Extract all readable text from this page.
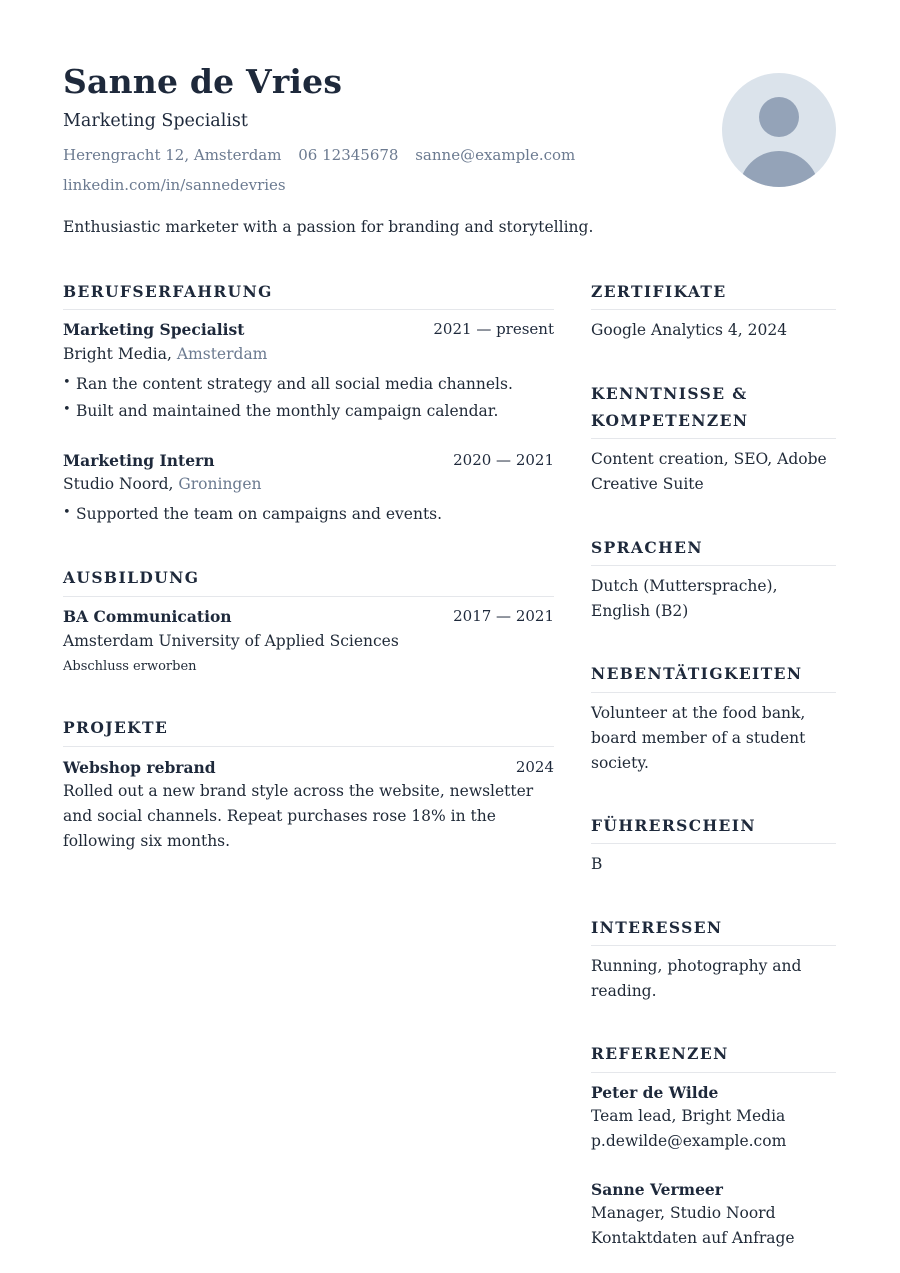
Sanne de Vries
Marketing Specialist
Herengracht 12, Amsterdam 06 12345678 sanne@example.com
linkedin.com/in/sannedevries
Enthusiastic marketer with a passion for branding and storytelling.
BERUFSERFAHRUNG
Marketing Specialist	2021 — present
Bright Media, Amsterdam
• Ran the content strategy and all social media channels.
• Built and maintained the monthly campaign calendar.
Marketing Intern	2020 — 2021
Studio Noord, Groningen
• Supported the team on campaigns and events.
AUSBILDUNG
BA Communication	2017 — 2021
Amsterdam University of Applied Sciences
Abschluss erworben
PROJEKTE
Webshop rebrand	2024
Rolled out a new brand style across the website, newsletter and social channels. Repeat purchases rose 18% in the following six months.
ZERTIFIKATE
Google Analytics 4, 2024
KENNTNISSE & KOMPETENZEN
Content creation, SEO, Adobe Creative Suite
SPRACHEN
Dutch (Muttersprache), English (B2)
NEBENTÄTIGKEITEN
Volunteer at the food bank, board member of a student society.
FÜHRERSCHEIN
B
INTERESSEN
Running, photography and reading.
REFERENZEN
Peter de Wilde
Team lead, Bright Media
p.dewilde@example.com
Sanne Vermeer
Manager, Studio Noord
Kontaktdaten auf Anfrage
